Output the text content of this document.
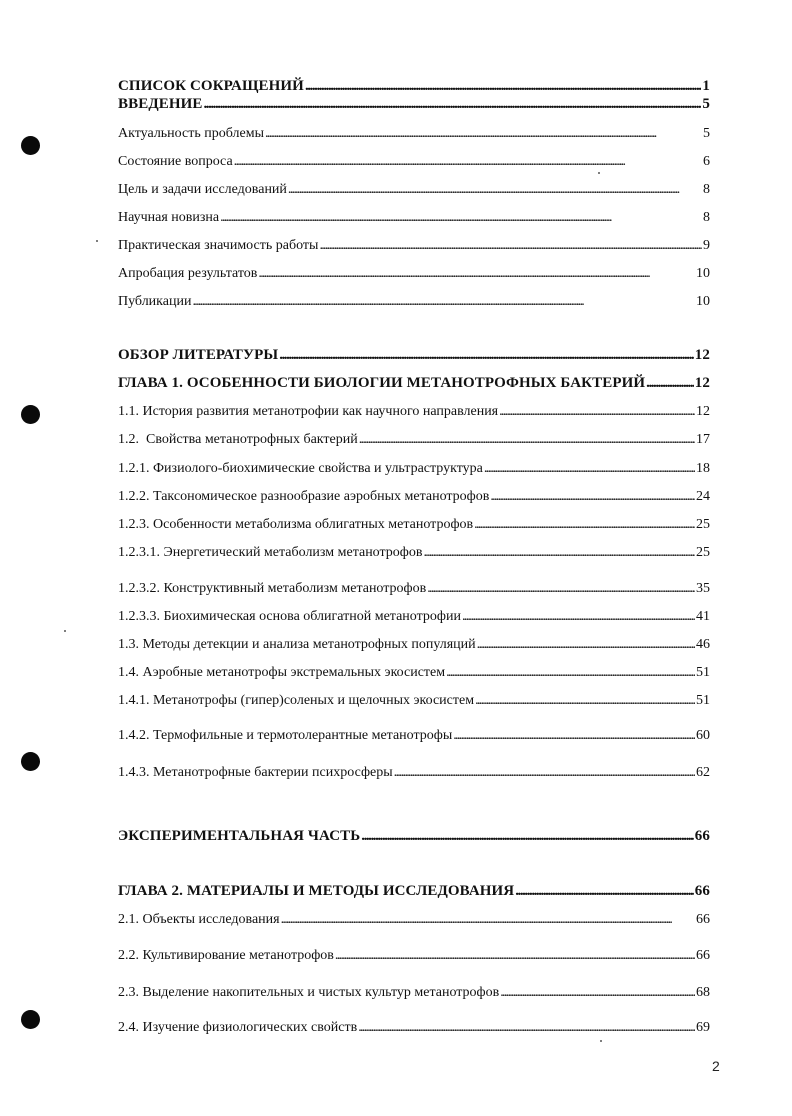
СПИСОК СОКРАЩЕНИЙ . . .	1
ВВЕДЕНИЕ . . .	5
Актуальность проблемы . . .	5
Состояние вопроса . . .	6
Цель и задачи исследований . . .	8
Научная новизна . . .	8
Практическая значимость работы . . .	9
Апробация результатов . . .	10
Публикации . . .	10
ОБЗОР ЛИТЕРАТУРЫ . . .	12
ГЛАВА 1. ОСОБЕННОСТИ БИОЛОГИИ МЕТАНОТРОФНЫХ БАКТЕРИЙ . . .	12
1.1. История развития метанотрофии как научного направления . . .	12
1.2.  Свойства метанотрофных бактерий . . .	17
1.2.1. Физиолого-биохимические свойства и ультраструктура . . .	18
1.2.2. Таксономическое разнообразие аэробных метанотрофов . . .	24
1.2.3. Особенности метаболизма облигатных метанотрофов . . .	25
1.2.3.1. Энергетический метаболизм метанотрофов . . .	25
1.2.3.2. Конструктивный метаболизм метанотрофов . . .	35
1.2.3.3. Биохимическая основа облигатной метанотрофии . . .	41
1.3. Методы детекции и анализа метанотрофных популяций . . .	46
1.4. Аэробные метанотрофы экстремальных экосистем . . .	51
1.4.1. Метанотрофы (гипер)соленых и щелочных экосистем . . .	51
1.4.2. Термофильные и термотолерантные метанотрофы . . .	60
1.4.3. Метанотрофные бактерии психросферы . . .	62
ЭКСПЕРИМЕНТАЛЬНАЯ ЧАСТЬ . . .	66
ГЛАВА 2. МАТЕРИАЛЫ И МЕТОДЫ ИССЛЕДОВАНИЯ . . .	66
2.1. Объекты исследования . . .	66
2.2. Культивирование метанотрофов . . .	66
2.3. Выделение накопительных и чистых культур метанотрофов . . .	68
2.4. Изучение физиологических свойств . . .	69
2
